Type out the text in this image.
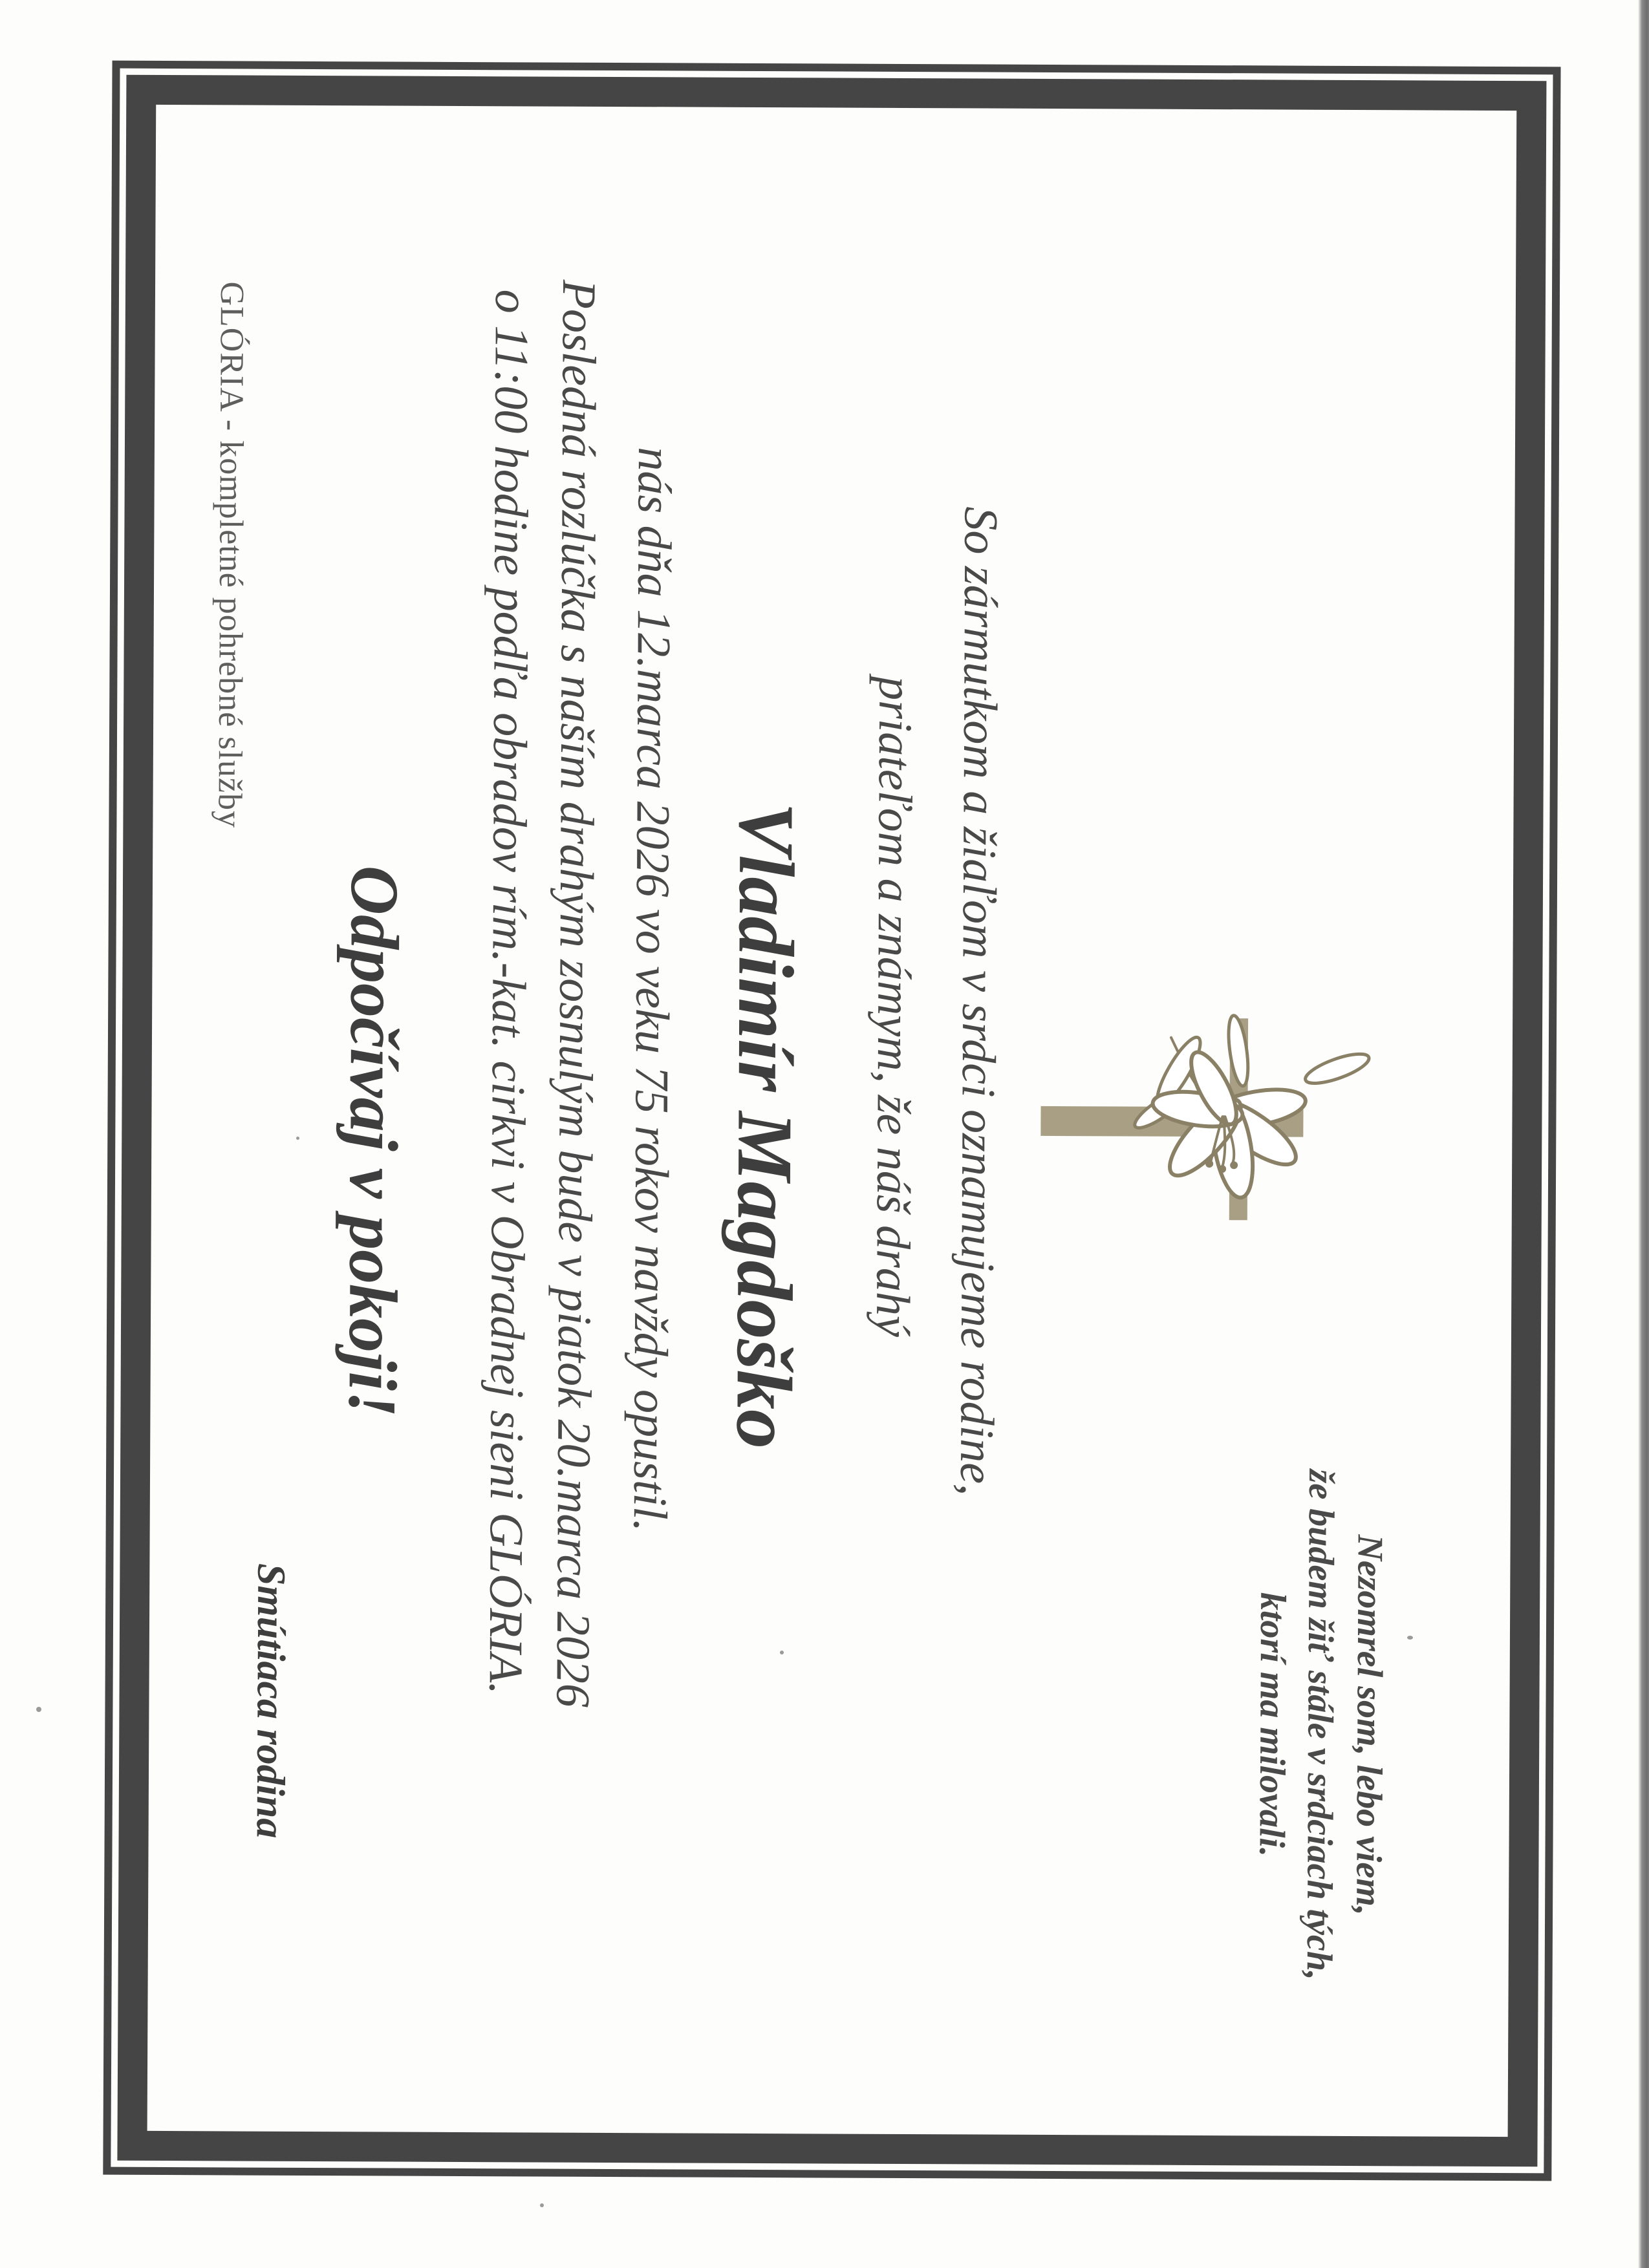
Nezomrel som, lebo viem,
že budem žiť stále v srdciach tých,
ktorí ma milovali.
So zármutkom a žiaľom v srdci oznamujeme rodine,
priateľom a známym, že náš drahý
Vladimír Magdoško
nás dňa 12.marca 2026 vo veku 75 rokov navždy opustil.
Posledná rozlúčka s naším drahým zosnulým bude v piatok 20.marca 2026
o 11:00 hodine podľa obradov rím.-kat. cirkvi v Obradnej sieni GLÓRIA.
Odpočívaj v pokoji!
Smútiaca rodina
GLÓRIA - kompletné pohrebné služby
